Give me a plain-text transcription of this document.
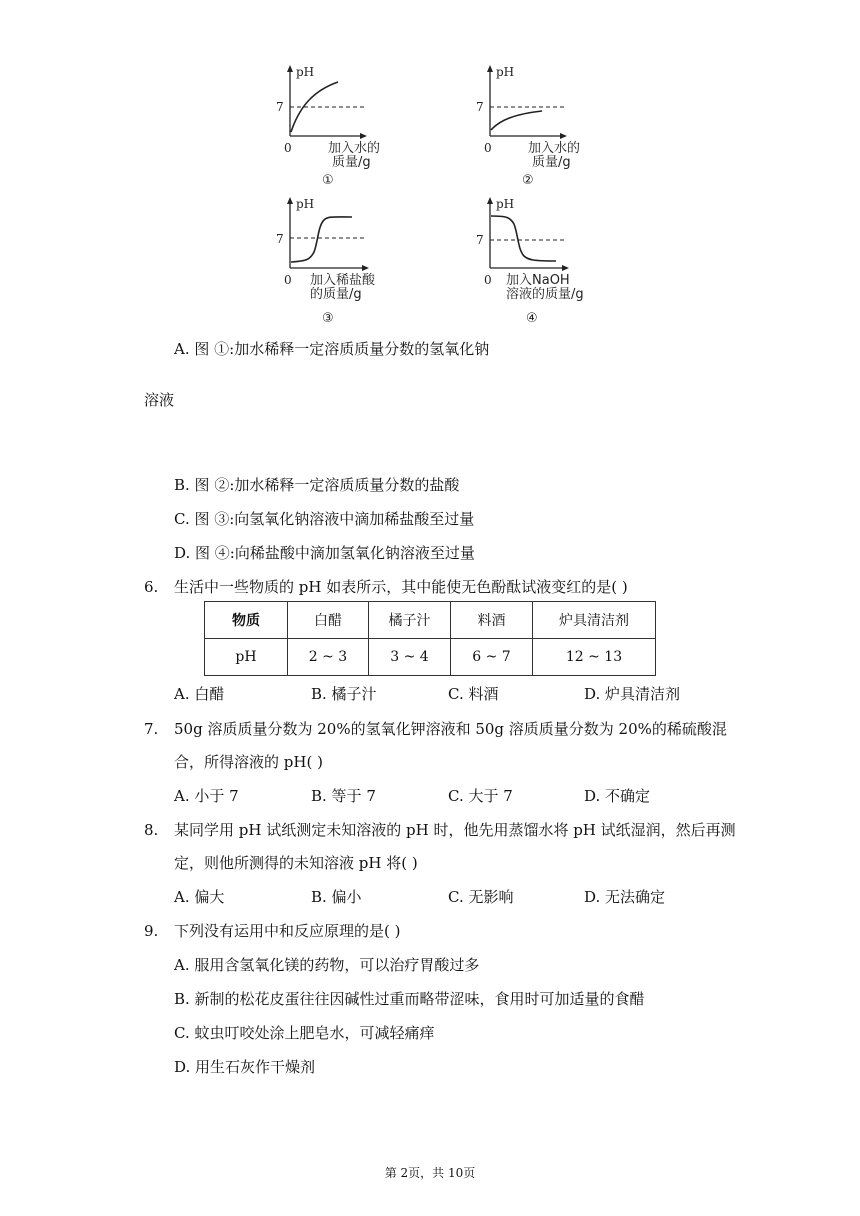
pH
7
0	加入水的
质量/g
①
pH
7
0	加入水的
质量/g
②
pH
7
0 加入稀盐酸
的质量/g
③
pH
7
0 加入NaOH
溶液的质量/g
④
A. 图 ①:加水稀释一定溶质质量分数的氢氧化钠
溶液
B. 图 ②:加水稀释一定溶质质量分数的盐酸
C. 图 ③:向氢氧化钠溶液中滴加稀盐酸至过量
D. 图 ④:向稀盐酸中滴加氢氧化钠溶液至过量
6. 生活中一些物质的 pH 如表所示，其中能使无色酚酞试液变红的是( )
物质	白醋	橘子汁	料酒	炉具清洁剂
pH	2 ~ 3	3 ~ 4	6 ~ 7	12 ~ 13
A. 白醋	B. 橘子汁	C. 料酒	D. 炉具清洁剂
7. 50g 溶质质量分数为 20%的氢氧化钾溶液和 50g 溶质质量分数为 20%的稀硫酸混
合，所得溶液的 pH( )
A. 小于 7	B. 等于 7	C. 大于 7	D. 不确定
8. 某同学用 pH 试纸测定未知溶液的 pH 时，他先用蒸馏水将 pH 试纸湿润，然后再测
定，则他所测得的未知溶液 pH 将( )
A. 偏大	B. 偏小	C. 无影响	D. 无法确定
9. 下列没有运用中和反应原理的是( )
A. 服用含氢氧化镁的药物，可以治疗胃酸过多
B. 新制的松花皮蛋往往因碱性过重而略带涩味，食用时可加适量的食醋
C. 蚊虫叮咬处涂上肥皂水，可减轻痛痒
D. 用生石灰作干燥剂
第 2页，共 10页
